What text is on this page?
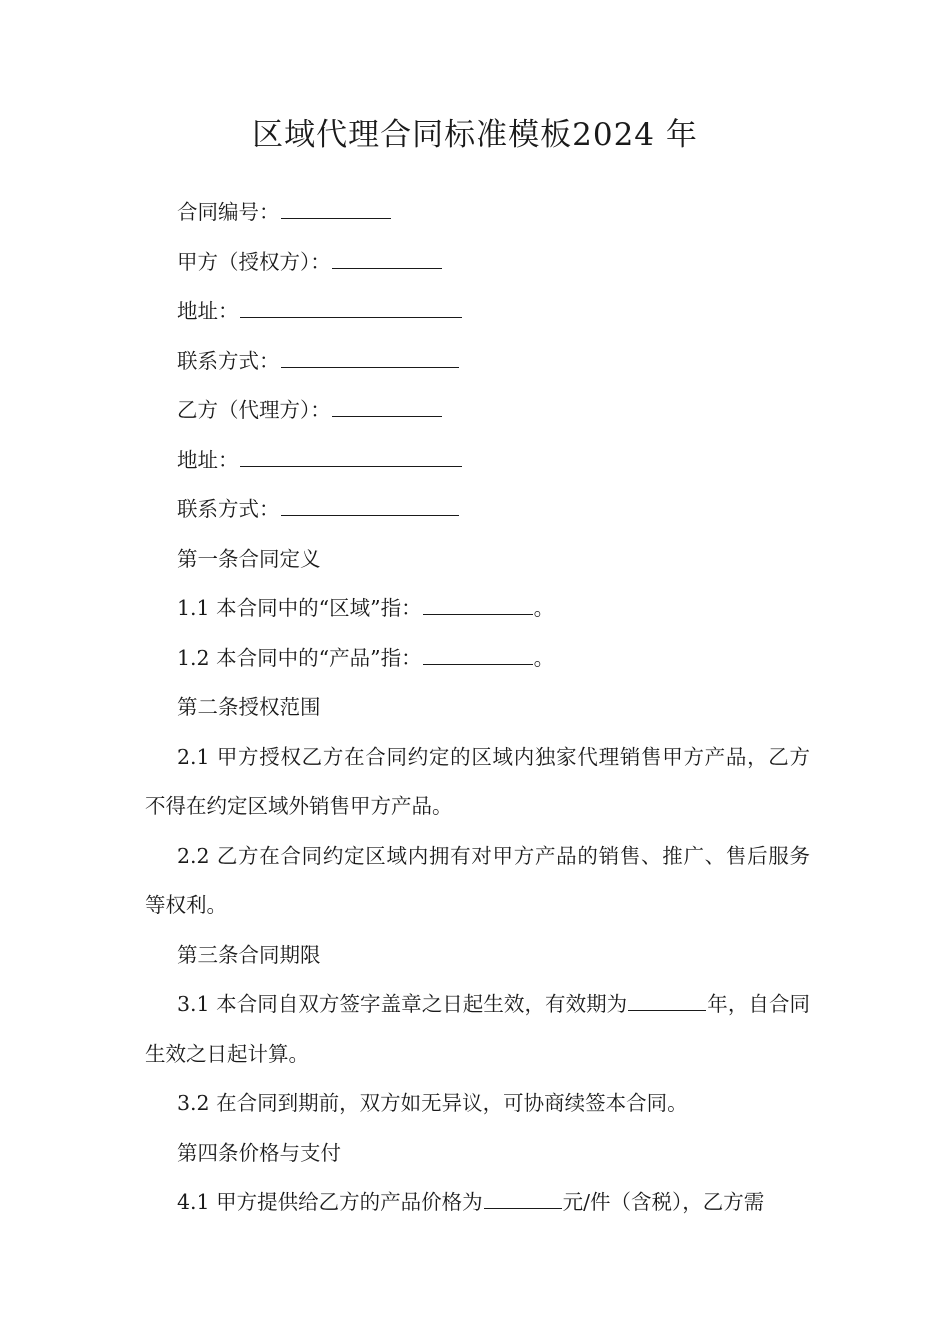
区域代理合同标准模板2024 年

合同编号：

甲方（授权方）：

地址：

联系方式：

乙方（代理方）：

地址：

联系方式：

第一条合同定义

1.1 本合同中的“区域”指：	。

1.2 本合同中的“产品”指：	。

第二条授权范围

2.1 甲方授权乙方在合同约定的区域内独家代理销售甲方产品，乙方不得在约定区域外销售甲方产品。

2.2 乙方在合同约定区域内拥有对甲方产品的销售、推广、售后服务等权利。

第三条合同期限

3.1 本合同自双方签字盖章之日起生效，有效期为	年，自合同生效之日起计算。

3.2 在合同到期前，双方如无异议，可协商续签本合同。

第四条价格与支付

4.1 甲方提供给乙方的产品价格为	元/件（含税），乙方需
